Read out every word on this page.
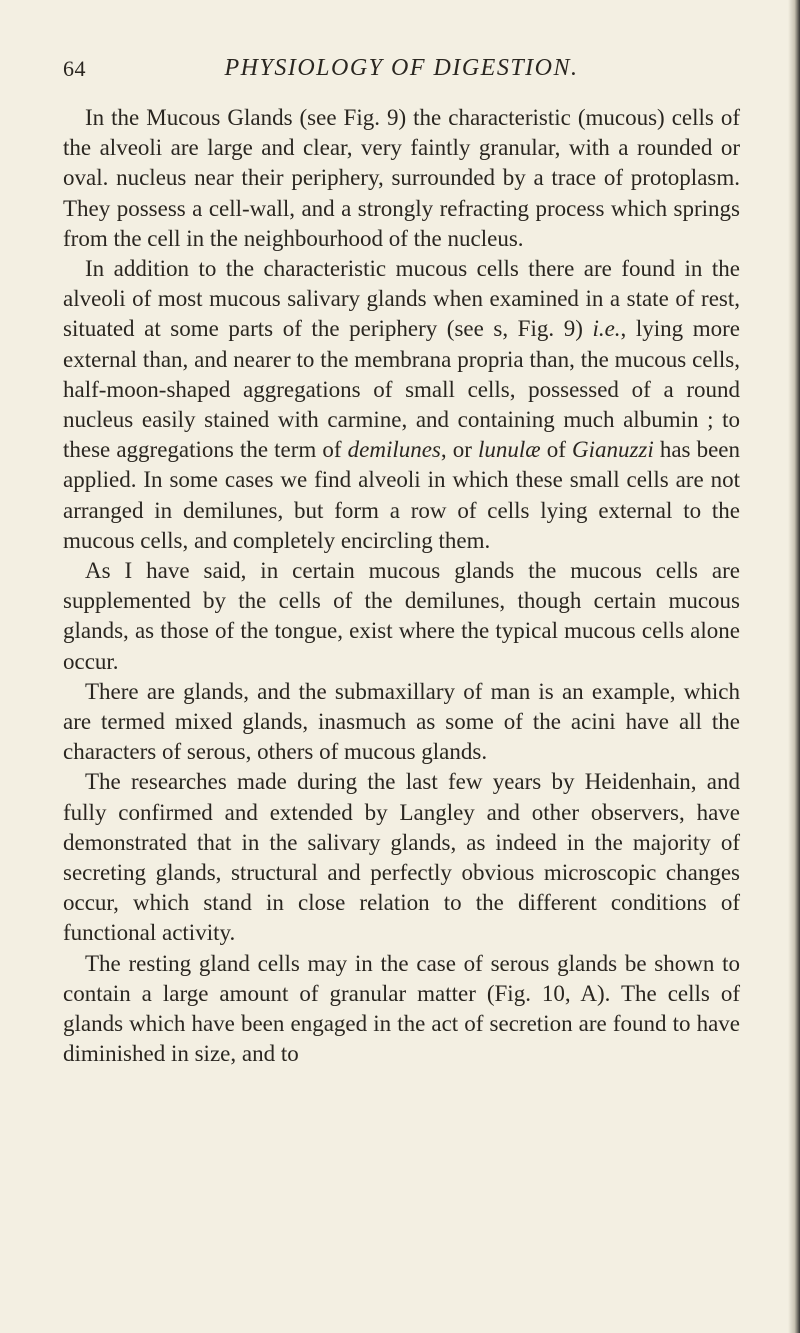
64	PHYSIOLOGY OF DIGESTION.

In the Mucous Glands (see Fig. 9) the characteristic (mucous) cells of the alveoli are large and clear, very faintly granular, with a rounded or oval. nucleus near their periphery, surrounded by a trace of protoplasm. They possess a cell-wall, and a strongly refracting process which springs from the cell in the neighbourhood of the nucleus.

In addition to the characteristic mucous cells there are found in the alveoli of most mucous salivary glands when examined in a state of rest, situated at some parts of the periphery (see s, Fig. 9) i.e., lying more external than, and nearer to the membrana propria than, the mucous cells, half-moon-shaped aggregations of small cells, possessed of a round nucleus easily stained with carmine, and containing much albumin ; to these aggregations the term of demilunes, or lunulæ of Gianuzzi has been applied. In some cases we find alveoli in which these small cells are not arranged in demilunes, but form a row of cells lying external to the mucous cells, and completely encircling them.

As I have said, in certain mucous glands the mucous cells are supplemented by the cells of the demilunes, though certain mucous glands, as those of the tongue, exist where the typical mucous cells alone occur.

There are glands, and the submaxillary of man is an example, which are termed mixed glands, inasmuch as some of the acini have all the characters of serous, others of mucous glands.

The researches made during the last few years by Heidenhain, and fully confirmed and extended by Langley and other observers, have demonstrated that in the salivary glands, as indeed in the majority of secreting glands, structural and perfectly obvious microscopic changes occur, which stand in close relation to the different conditions of functional activity.

The resting gland cells may in the case of serous glands be shown to contain a large amount of granular matter (Fig. 10, A). The cells of glands which have been engaged in the act of secretion are found to have diminished in size, and to
